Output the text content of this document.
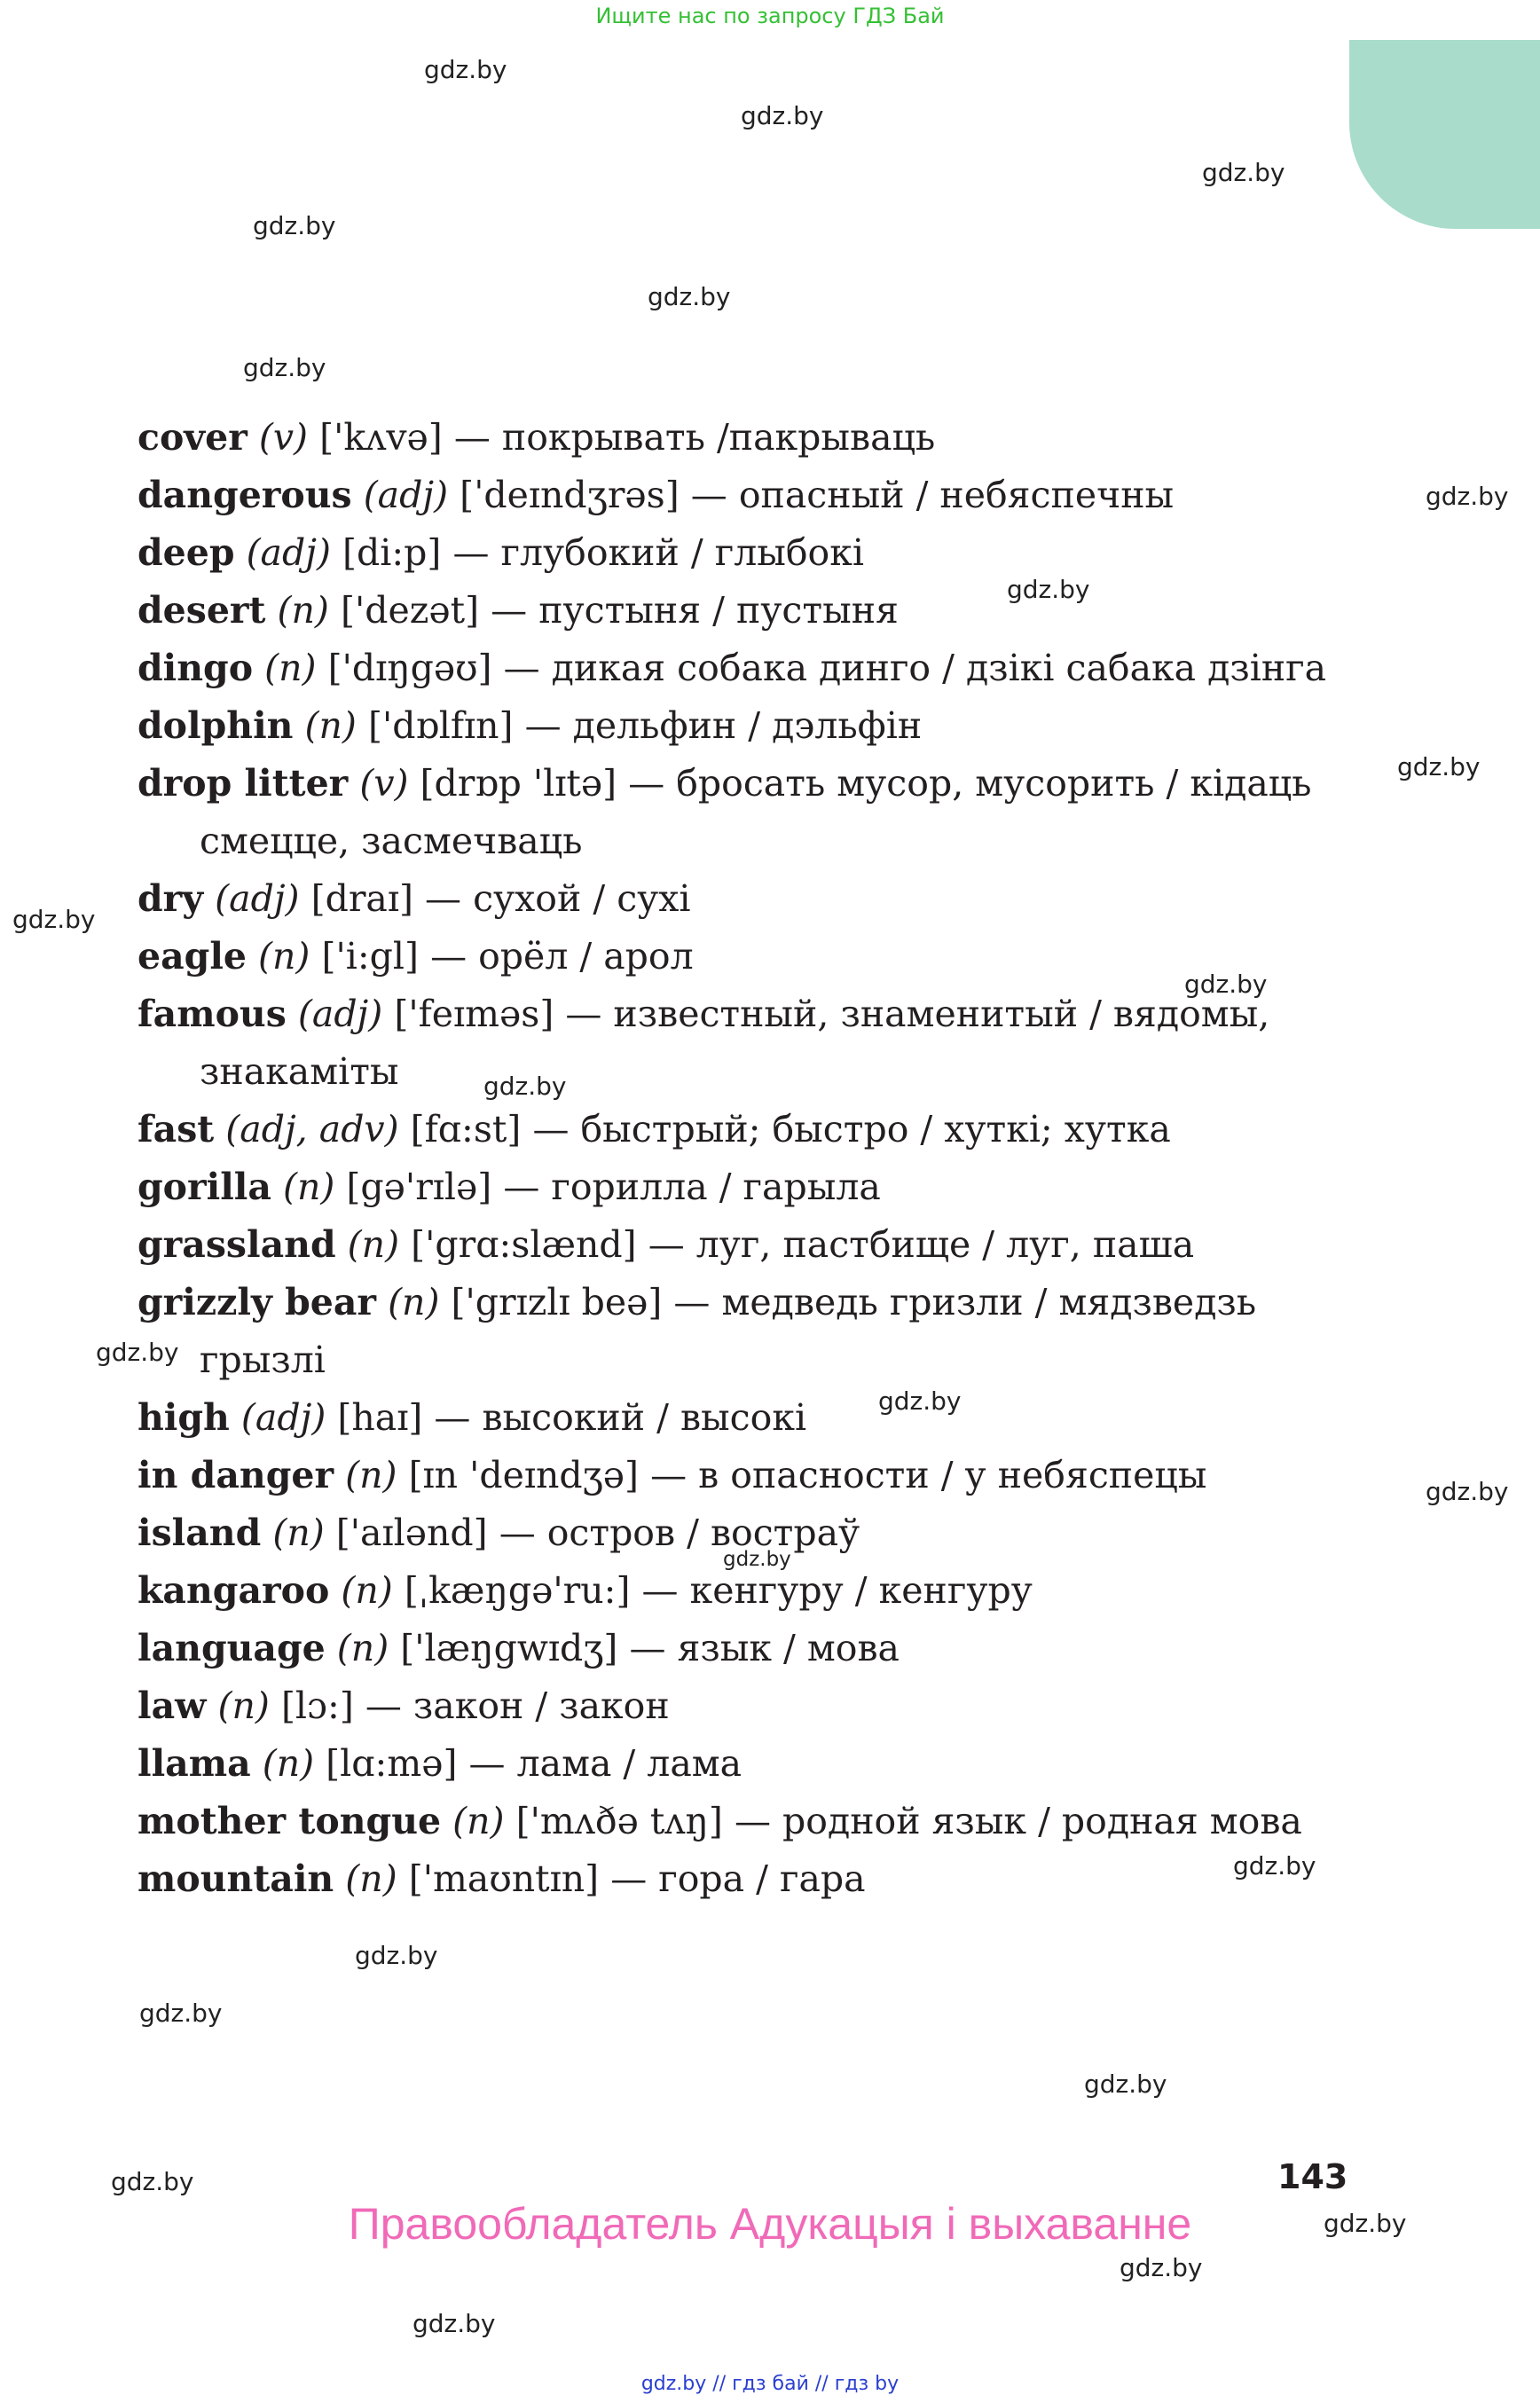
Ищите нас по запросу ГДЗ Бай
gdz.by
gdz.by
gdz.by
gdz.by
gdz.by
gdz.by
gdz.by
gdz.by
gdz.by
gdz.by
gdz.by
gdz.by
gdz.by
gdz.by
gdz.by
gdz.by
gdz.by
gdz.by
gdz.by
gdz.by
gdz.by
gdz.by
gdz.by
gdz.by

cover (v) ['kʌvə] — покрывать /пакрываць

dangerous (adj) [ˈdeɪndʒrəs] — опасный / небяспечны

deep (adj) [di:p] — глубокий / глыбокі

desert (n) ['dezət] — пустыня / пустыня

dingo (n) ['dɪŋgəʊ] — дикая собака динго / дзікі сабака дзінга

dolphin (n) ['dɒlfɪn] — дельфин / дэльфін

drop litter (v) [drɒp 'lɪtə] — бросать мусор, мусорить / кідаць
смецце, засмечваць

dry (adj) [draɪ] — сухой / сухі

eagle (n) ['i:gl] — орёл / арол

famous (adj) ['feɪməs] — известный, знаменитый / вядомы,
знакаміты

fast (adj, adv) [fɑ:st] — быстрый; быстро / хуткі; хутка

gorilla (n) [gə'rɪlə] — горилла / гарыла

grassland (n) ['grɑ:slænd] — луг, пастбище / луг, паша

grizzly bear (n) ['grɪzlɪ beə] — медведь гризли / мядзведзь
грызлі

high (adj) [haɪ] — высокий / высокі

in danger (n) [ɪn 'deɪndʒə] — в опасности / у небяспецы

island (n) ['aɪlənd] — остров / востраў

kangaroo (n) [ˌkæŋgə'ru:] — кенгуру / кенгуру

language (n) ['læŋgwɪdʒ] — язык / мова

law (n) [lɔ:] — закон / закон

llama (n) [lɑ:mə] — лама / лама

mother tongue (n) ['mʌðə tʌŋ] — родной язык / родная мова

mountain (n) ['maʊntɪn] — гора / гара

143
Правообладатель Адукацыя і выхаванне
gdz.by // гдз бай // гдз by
